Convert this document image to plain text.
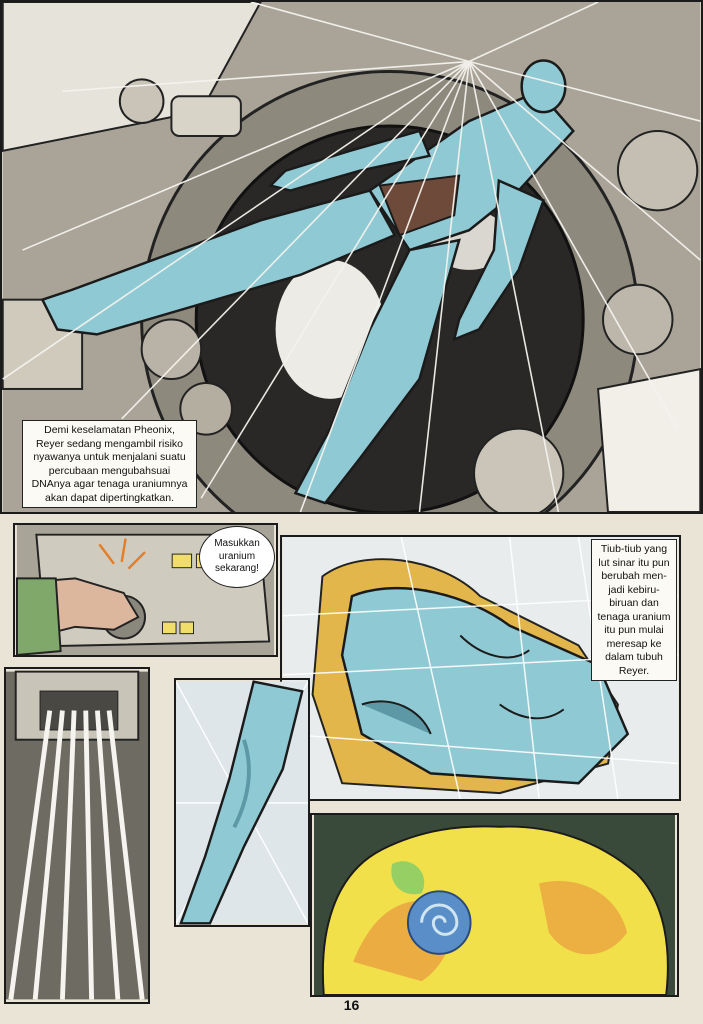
Demi keselamatan Pheonix,
Reyer sedang mengambil risiko
nyawanya untuk menjalani suatu
percubaan mengubahsuai
DNAnya agar tenaga uraniumnya
akan dapat dipertingkatkan.
Masukkan
uranium
sekarang!
Tiub-tiub yang
lut sinar itu pun
berubah men-
jadi kebiru-
biruan dan
tenaga uranium
itu pun mulai
meresap ke
dalam tubuh
Reyer.
16
